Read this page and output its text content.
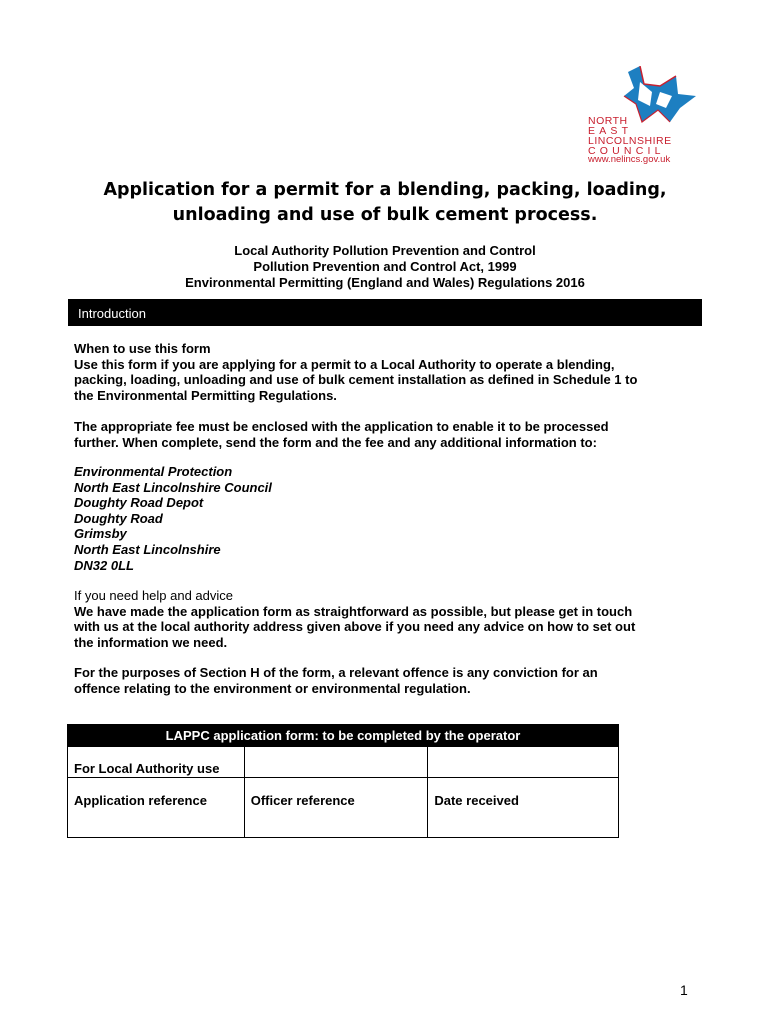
NORTH
EAST
LINCOLNSHIRE
COUNCIL
www.nelincs.gov.uk
Application for a permit for a blending, packing, loading,
unloading and use of bulk cement process.
Local Authority Pollution Prevention and Control
Pollution Prevention and Control Act, 1999
Environmental Permitting (England and Wales) Regulations 2016
Introduction
When to use this form
Use this form if you are applying for a permit to a Local Authority to operate a blending,
packing, loading, unloading and use of bulk cement installation as defined in Schedule 1 to
the Environmental Permitting Regulations.
The appropriate fee must be enclosed with the application to enable it to be processed
further. When complete, send the form and the fee and any additional information to:
Environmental Protection
North East Lincolnshire Council
Doughty Road Depot
Doughty Road
Grimsby
North East Lincolnshire
DN32 0LL
If you need help and advice
We have made the application form as straightforward as possible, but please get in touch
with us at the local authority address given above if you need any advice on how to set out
the information we need.
For the purposes of Section H of the form, a relevant offence is any conviction for an
offence relating to the environment or environmental regulation.
LAPPC application form: to be completed by the operator		
For Local Authority use		
Application reference	Officer reference	Date received
1
